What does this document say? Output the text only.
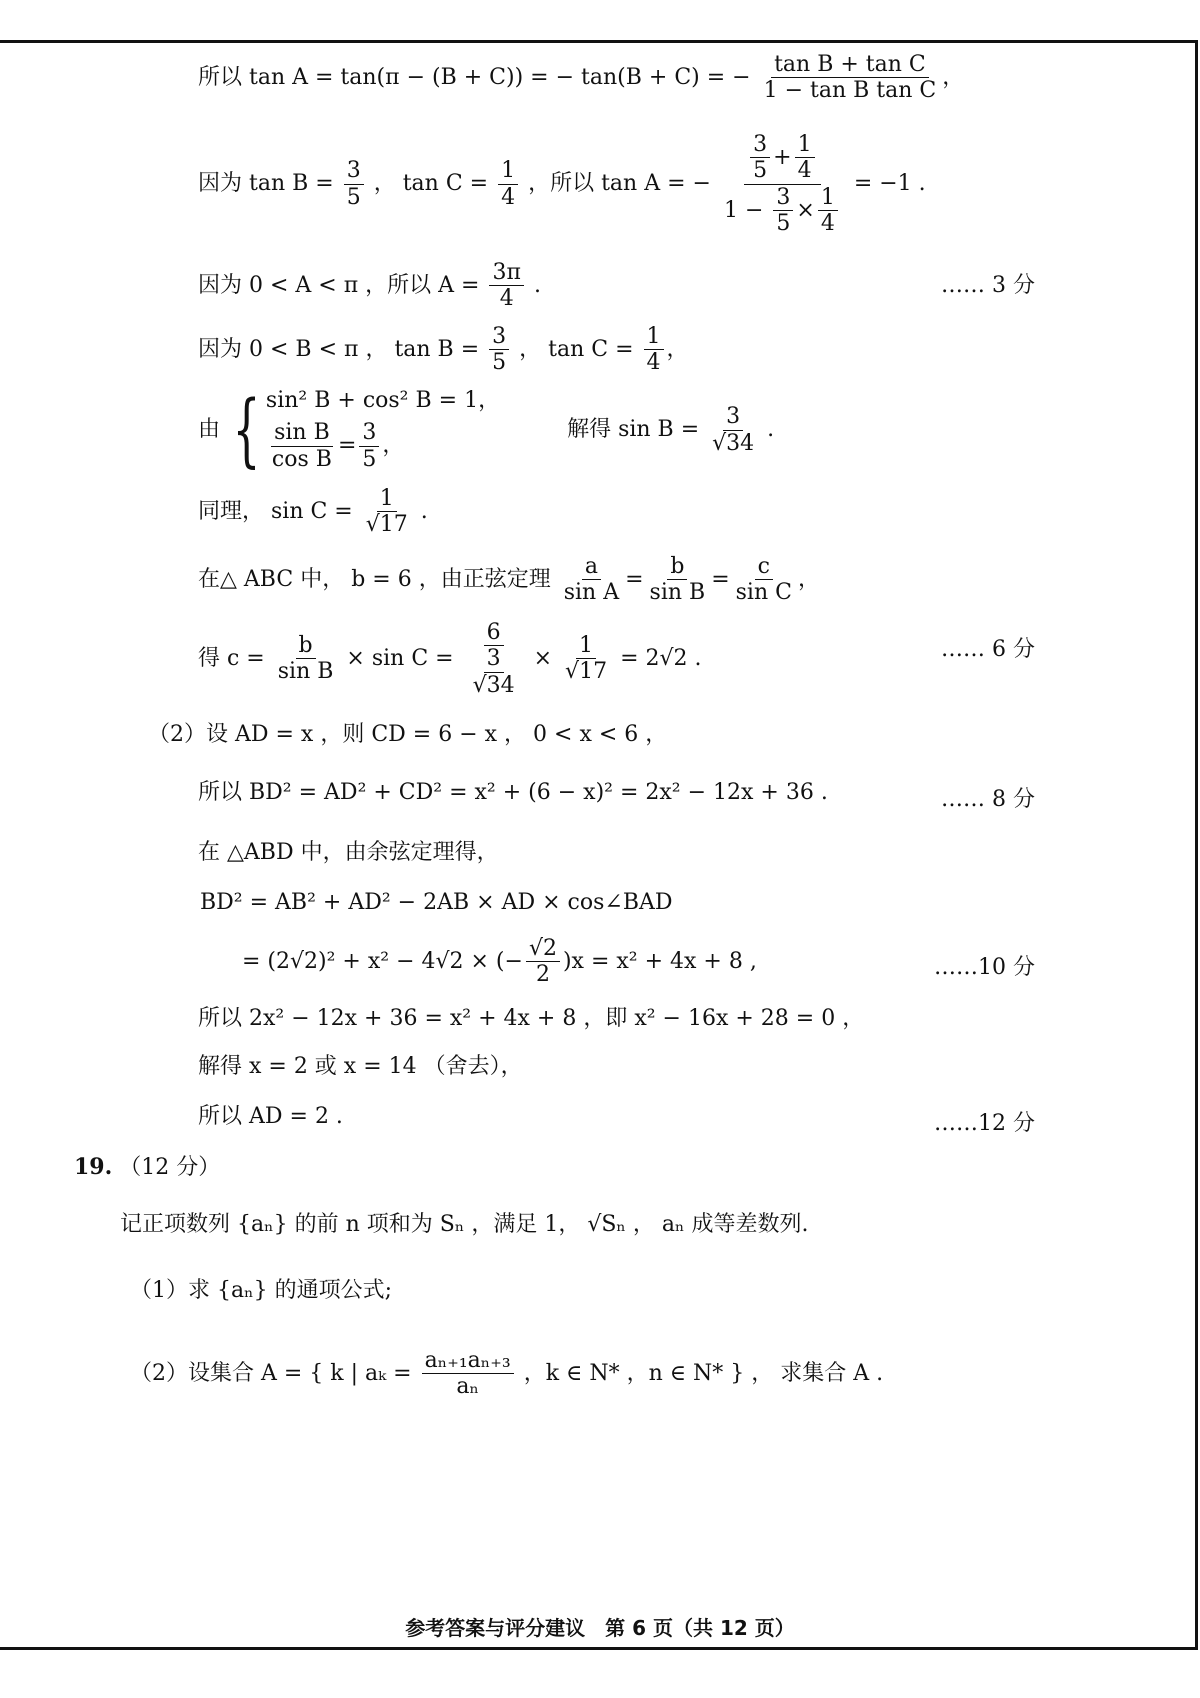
所以 tan A = tan(π − (B + C)) = − tan(B + C) = − $\frac{\text{tan B + tan C}}{\text{1 − tan B tan C}}$ ，
因为 $\tan B = \frac{3}{5}$ ， $\tan C = \frac{1}{4}$ ，所以 tan A = − $\frac{\frac{3}{5} + \frac{1}{4}}{1 - \frac{3}{5} \times \frac{1}{4}} = -1$ .
因为 0 < A < π ，所以 $A = \frac{3\pi}{4}$ .	…… 3 分
因为 0 < B < π ， $\tan B = \frac{3}{5}$ ， $\tan C = \frac{1}{4}$ ，
由 { sin² B + cos² B = 1，
$\frac{\text{sin B}}{\text{cos B}} = \frac{3}{5}$ ，
解得 $\sin B = \frac{3}{√34}$ .
同理， $\sin C = \frac{1}{√17}$ .
在△ ABC 中， b = 6 ，由正弦定理 $\frac{a}{\text{sin A}} = \frac{b}{\text{sin B}} = \frac{c}{\text{sin C}}$ ，
得 $c = \frac{b}{\text{sin B}} \times \sin C = \frac{6}{\frac{3}{√34}} \times \frac{1}{√17} = 2√2$ .	…… 6 分
（2）设 AD = x ，则 CD = 6 − x ， 0 < x < 6 ，
所以 BD² = AD² + CD² = x² + (6 − x)² = 2x² − 12x + 36 .	…… 8 分
在 △ABD 中，由余弦定理得，
BD² = AB² + AD² − 2AB × AD × cos∠BAD
= (2√2)² + x² − 4√2 × (− $\frac{√2}{2} )x = x^2 + 4x + 8$ ,	……10 分
所以 2x² − 12x + 36 = x² + 4x + 8 ，即 x² − 16x + 28 = 0 ，
解得 x = 2 或 x = 14 （舍去），
所以 AD = 2 .	……12 分
19. （12 分）
记正项数列 {aₙ} 的前 n 项和为 Sₙ ，满足 1， √Sₙ ， aₙ 成等差数列.
（1）求 {aₙ} 的通项公式;
（2）设集合 A = { k | $a_k = \frac{\text{aₙ₊₁aₙ₊₃}}{\text{aₙ}}$ ，k ∈ N* ，n ∈ N* } ， 求集合 A .
参考答案与评分建议　第 6 页（共 12 页）
